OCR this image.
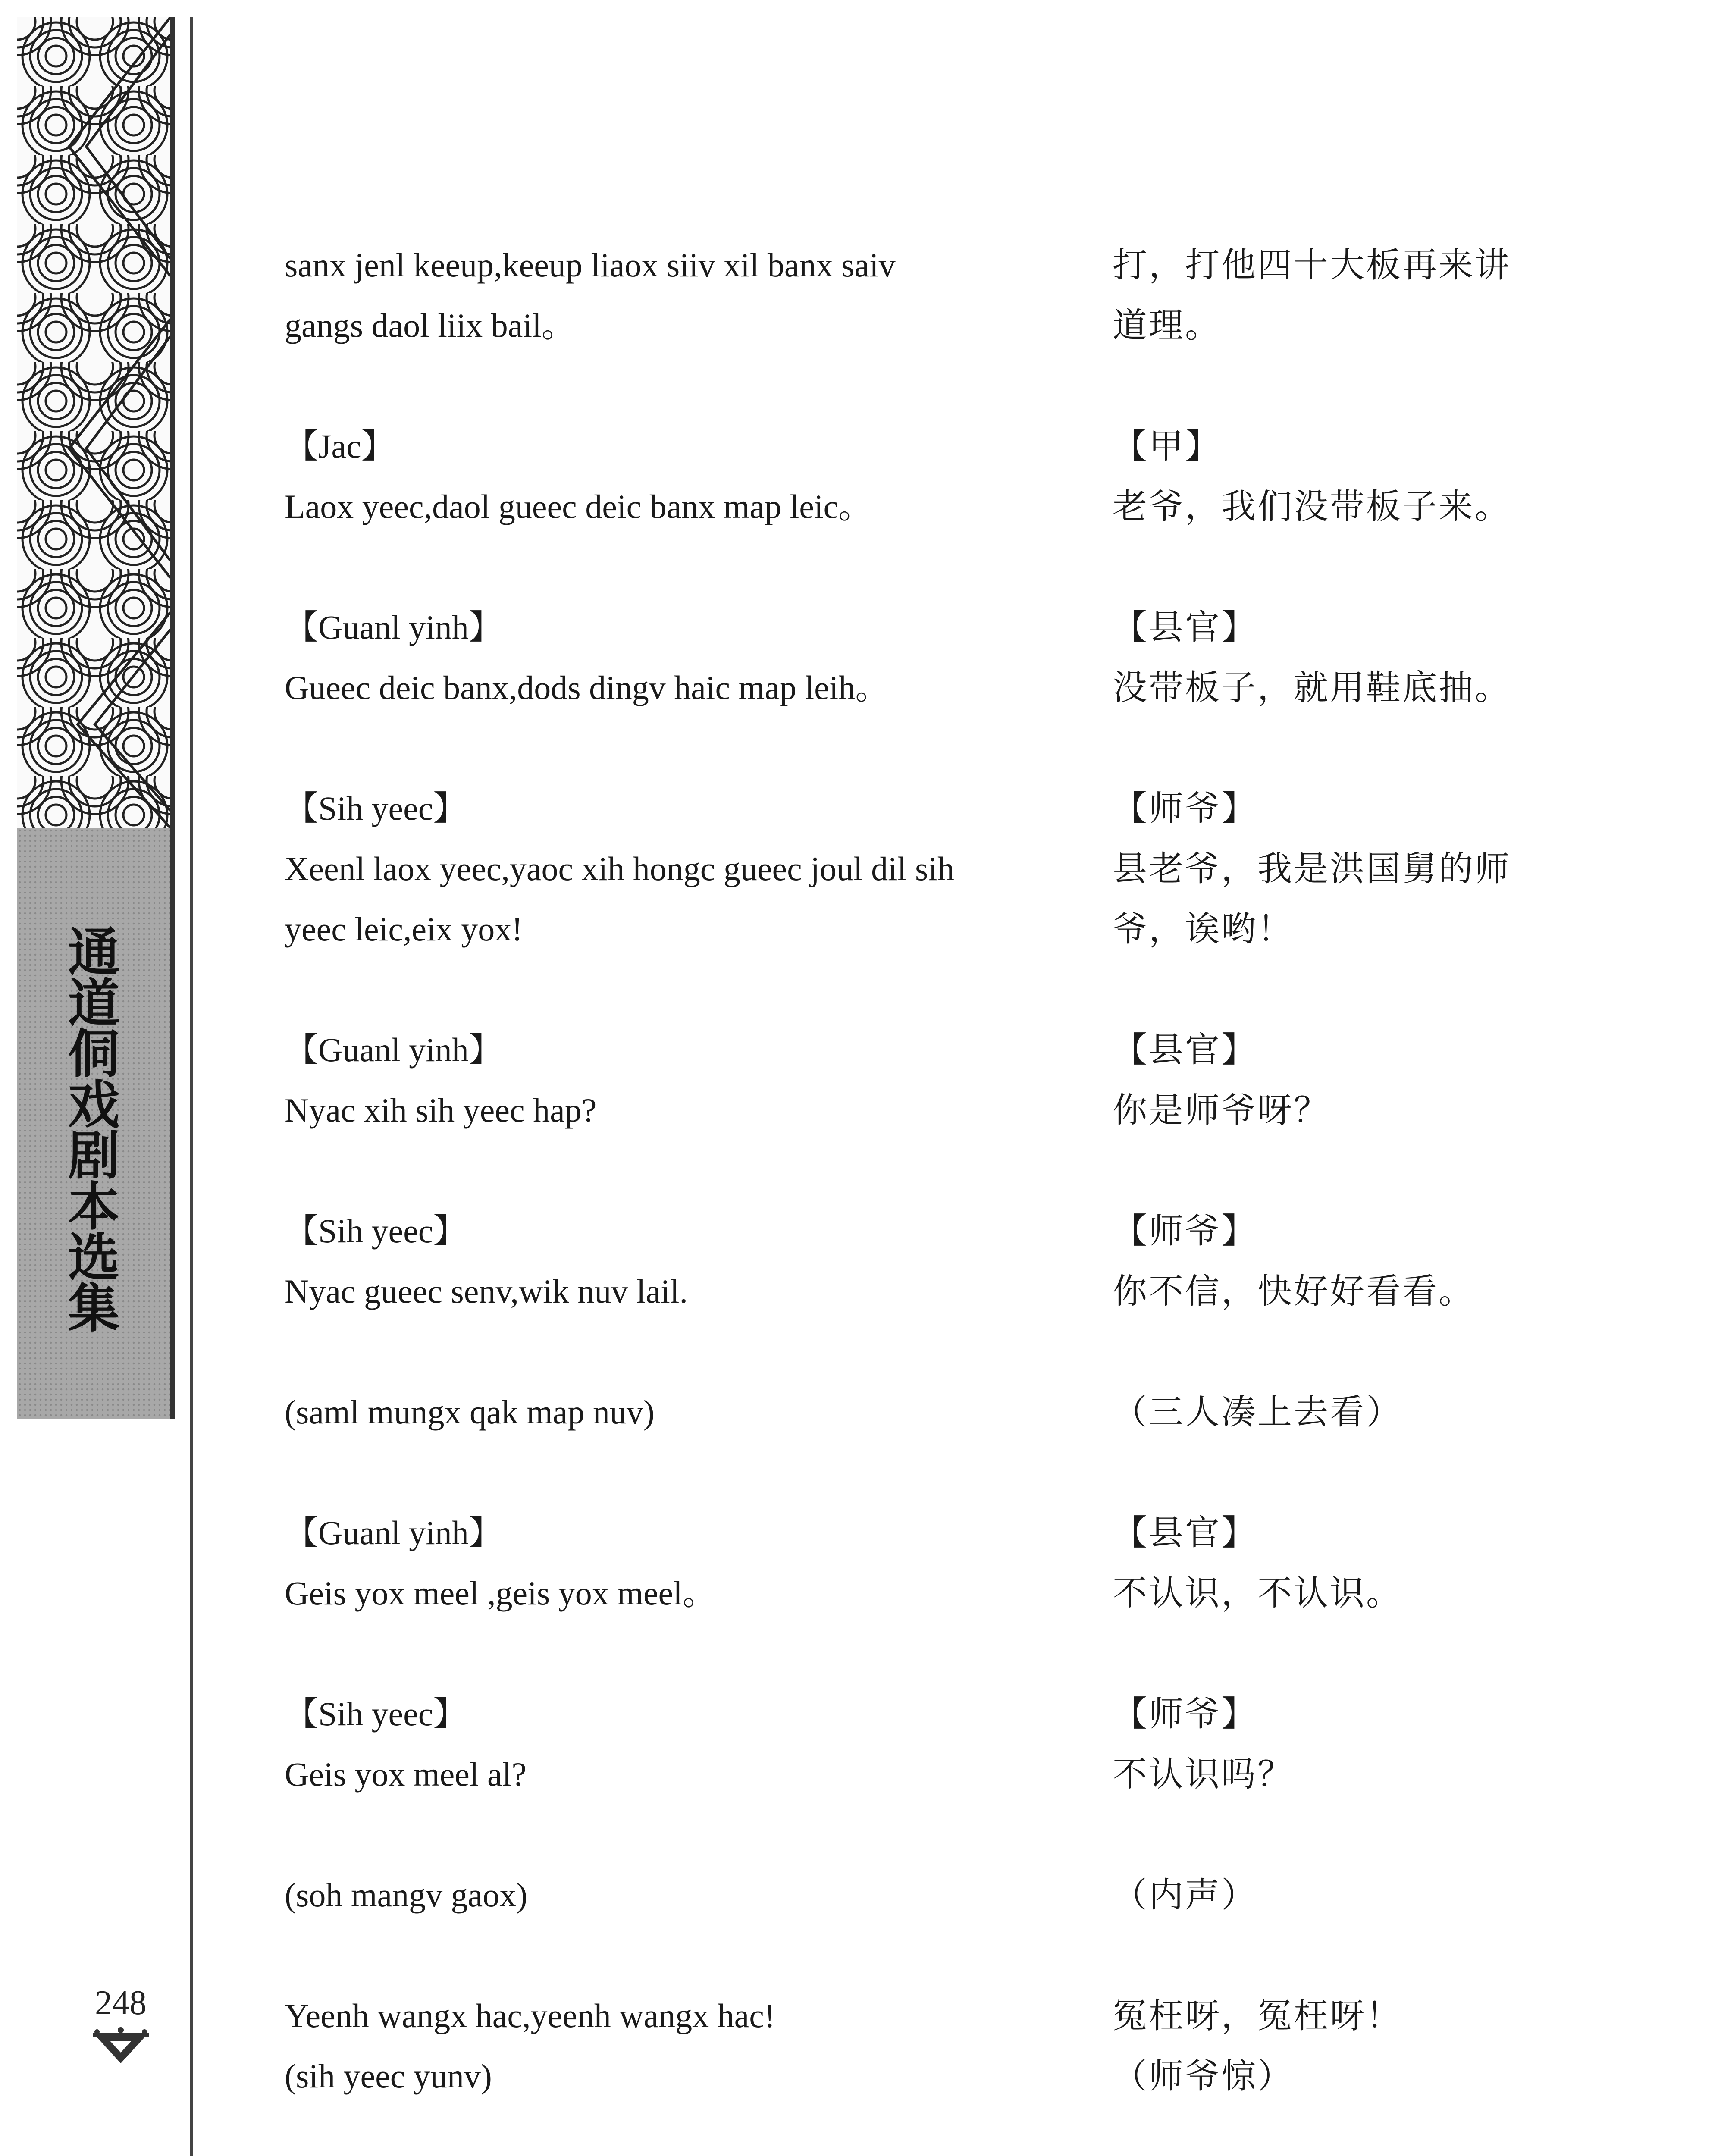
通道侗戏剧本选集
248
sanx jenl keeup,keeup liaox siiv xil banx saiv
gangs daol liix bail。
打，打他四十大板再来讲
道理。
【Jac】
Laox yeec,daol gueec deic banx map leic。
【甲】
老爷，我们没带板子来。
【Guanl yinh】
Gueec deic banx,dods dingv haic map leih。
【县官】
没带板子，就用鞋底抽。
【Sih yeec】
Xeenl laox yeec,yaoc xih hongc gueec joul dil sih
yeec leic,eix yox!
【师爷】
县老爷，我是洪国舅的师
爷，诶哟！
【Guanl yinh】
Nyac xih sih yeec hap?
【县官】
你是师爷呀？
【Sih yeec】
Nyac gueec senv,wik nuv lail.
【师爷】
你不信，快好好看看。
(saml mungx qak map nuv)	（三人凑上去看）
【Guanl yinh】
Geis yox meel ,geis yox meel。
【县官】
不认识，不认识。
【Sih yeec】
Geis yox meel al?
【师爷】
不认识吗？
(soh mangv gaox)	（内声）
Yeenh wangx hac,yeenh wangx hac!
(sih yeec yunv)
冤枉呀，冤枉呀！
（师爷惊）
